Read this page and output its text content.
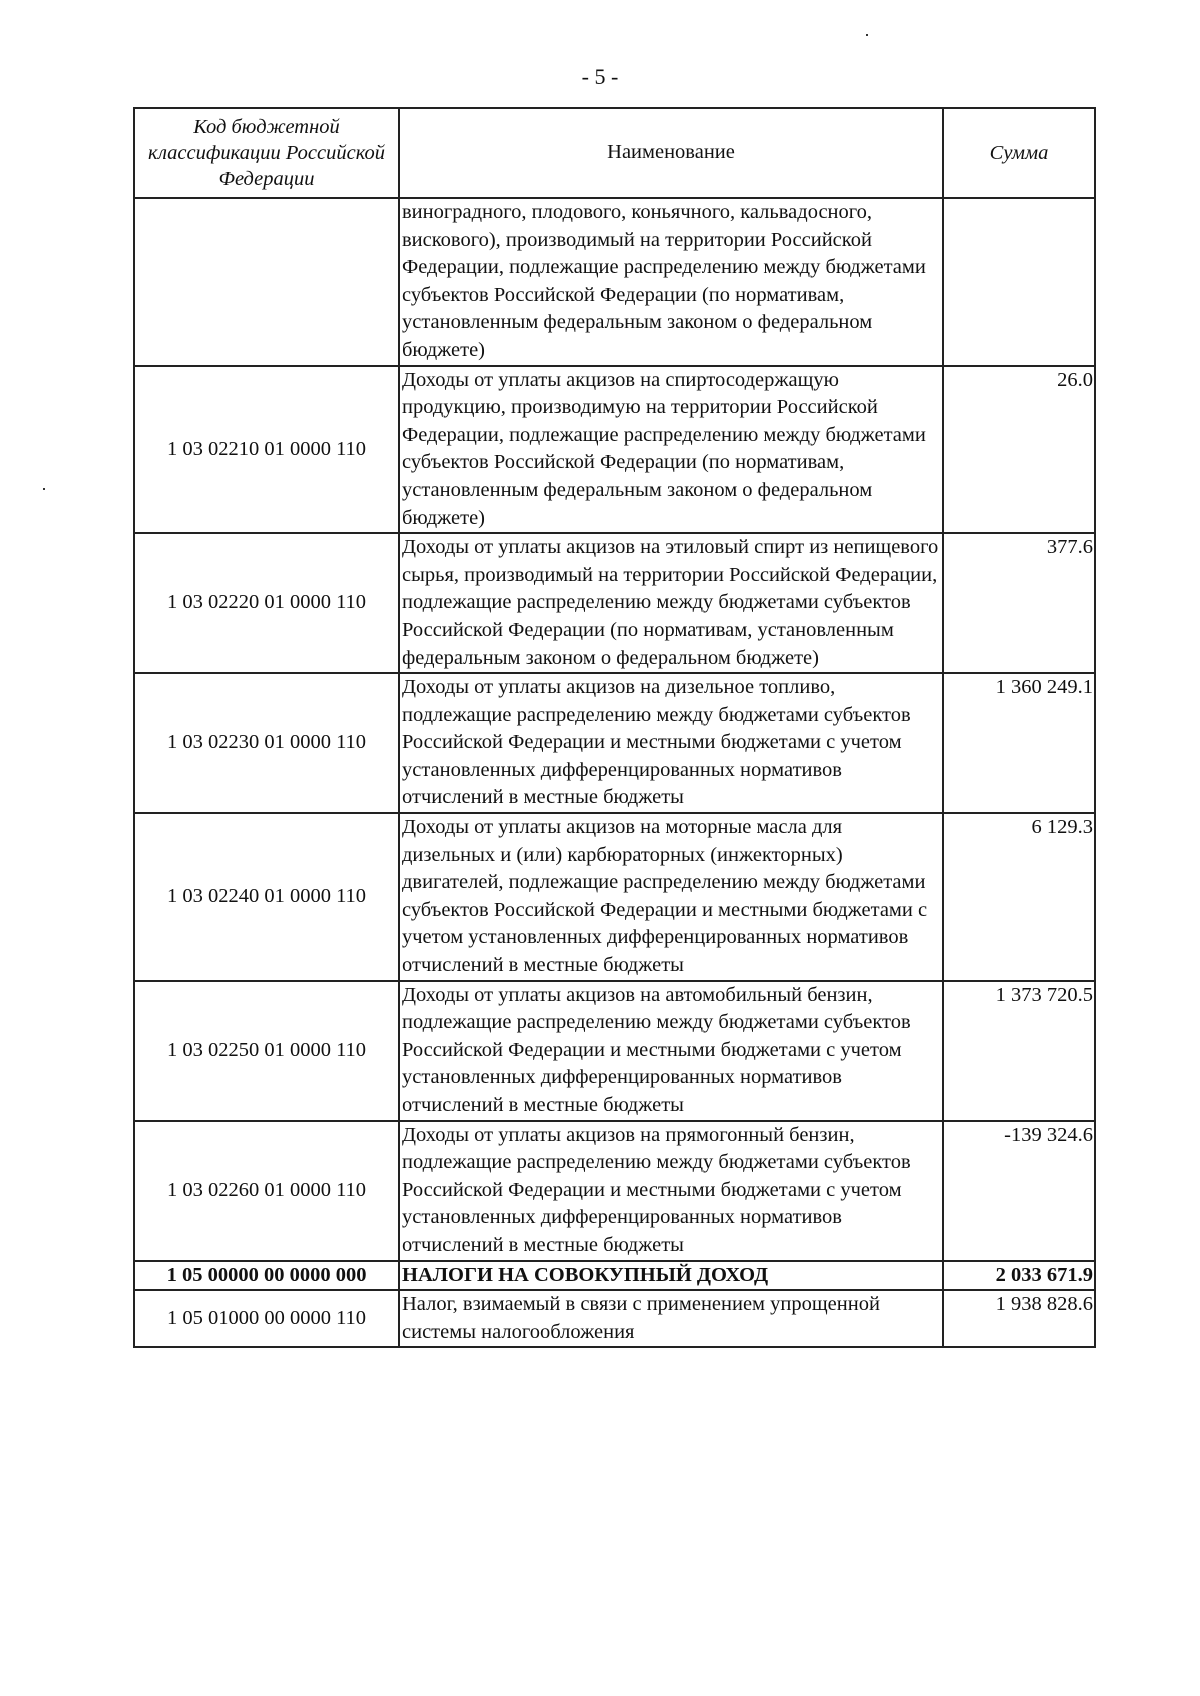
- 5 -
Код бюджетной классификации Российской Федерации	Наименование	Сумма
	виноградного, плодового, коньячного, кальвадосного, вискового), производимый на территории Российской Федерации, подлежащие распределению между бюджетами субъектов Российской Федерации (по нормативам, установленным федеральным законом о федеральном бюджете)	
1 03 02210 01 0000 110	Доходы от уплаты акцизов на спиртосодержащую продукцию, производимую на территории Российской Федерации, подлежащие распределению между бюджетами субъектов Российской Федерации (по нормативам, установленным федеральным законом о федеральном бюджете)	26.0
1 03 02220 01 0000 110	Доходы от уплаты акцизов на этиловый спирт из непищевого сырья, производимый на территории Российской Федерации, подлежащие распределению между бюджетами субъектов Российской Федерации (по нормативам, установленным федеральным законом о федеральном бюджете)	377.6
1 03 02230 01 0000 110	Доходы от уплаты акцизов на дизельное топливо, подлежащие распределению между бюджетами субъектов Российской Федерации и местными бюджетами с учетом установленных дифференцированных нормативов отчислений в местные бюджеты	1 360 249.1
1 03 02240 01 0000 110	Доходы от уплаты акцизов на моторные масла для дизельных и (или) карбюраторных (инжекторных) двигателей, подлежащие распределению между бюджетами субъектов Российской Федерации и местными бюджетами с учетом установленных дифференцированных нормативов отчислений в местные бюджеты	6 129.3
1 03 02250 01 0000 110	Доходы от уплаты акцизов на автомобильный бензин, подлежащие распределению между бюджетами субъектов Российской Федерации и местными бюджетами с учетом установленных дифференцированных нормативов отчислений в местные бюджеты	1 373 720.5
1 03 02260 01 0000 110	Доходы от уплаты акцизов на прямогонный бензин, подлежащие распределению между бюджетами субъектов Российской Федерации и местными бюджетами с учетом установленных дифференцированных нормативов отчислений в местные бюджеты	-139 324.6
1 05 00000 00 0000 000	НАЛОГИ НА СОВОКУПНЫЙ ДОХОД	2 033 671.9
1 05 01000 00 0000 110	Налог, взимаемый в связи с применением упрощенной системы налогообложения	1 938 828.6
